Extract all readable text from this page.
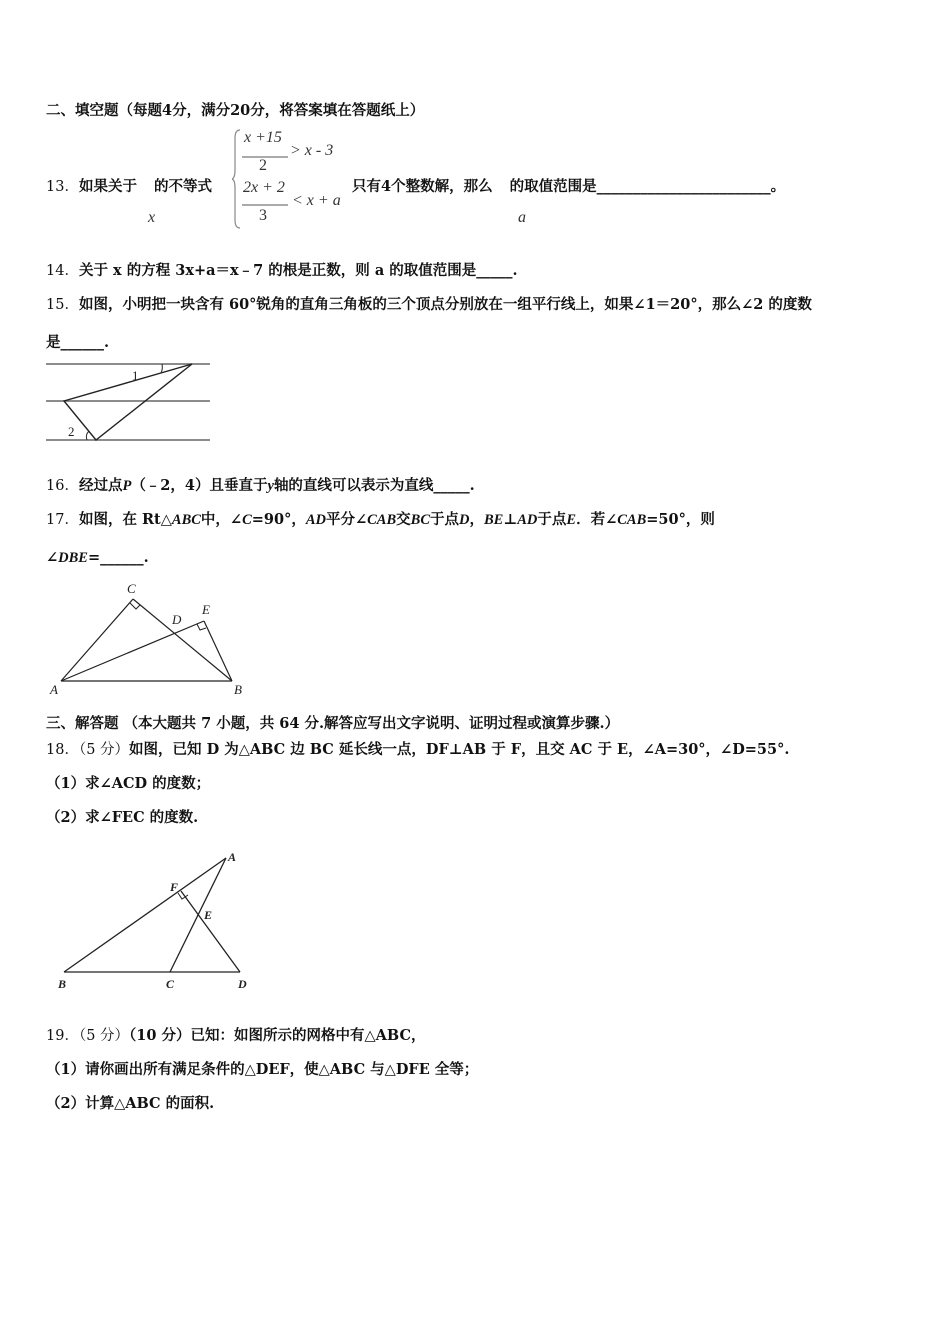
二、填空题（每题4分，满分20分，将答案填在答题纸上）
13．如果关于 的不等式
x
x +15
2
> x - 3
2x + 2
3
< x + a
只有4个整数解，那么 的取值范围是________________________。
a
14．关于 x 的方程 3x+a＝x﹣7 的根是正数，则 a 的取值范围是_____.
15．如图，小明把一块含有 60°锐角的直角三角板的三个顶点分别放在一组平行线上，如果∠1＝20°，那么∠2 的度数
是______.
1
2
16．经过点P（﹣2，4）且垂直于y轴的直线可以表示为直线_____.
17．如图，在 Rt△ABC中，∠C=90°，AD平分∠CAB交BC于点D，BE⊥AD于点E．若∠CAB=50°，则
∠DBE=______.
A	B
C
D
E
三、解答题 （本大题共 7 小题，共 64 分.解答应写出文字说明、证明过程或演算步骤.）
18．（5 分）如图，已知 D 为△ABC 边 BC 延长线一点，DF⊥AB 于 F，且交 AC 于 E，∠A=30°，∠D=55°.
（1）求∠ACD 的度数；
（2）求∠FEC 的度数.
A
B	C	D
E
F
19．（5 分）（10 分）已知：如图所示的网格中有△ABC，
（1）请你画出所有满足条件的△DEF，使△ABC 与△DFE 全等；
（2）计算△ABC 的面积.
